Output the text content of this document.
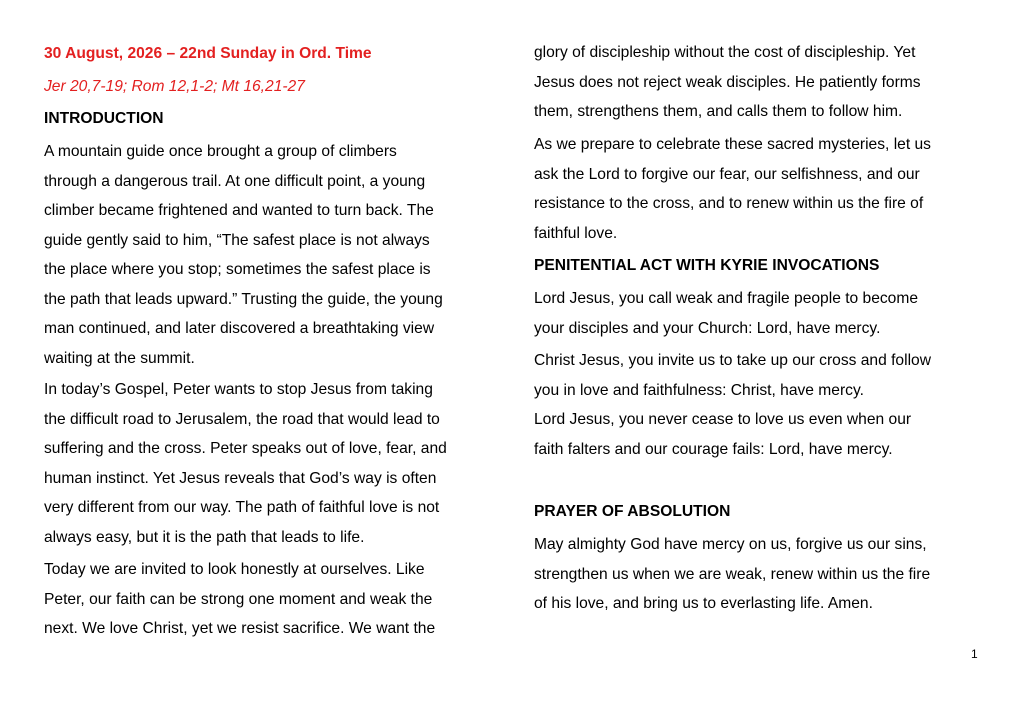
30 August, 2026 – 22nd Sunday in Ord. Time
Jer 20,7-19; Rom 12,1-2; Mt 16,21-27
INTRODUCTION
A mountain guide once brought a group of climbers
through a dangerous trail. At one difficult point, a young
climber became frightened and wanted to turn back. The
guide gently said to him, “The safest place is not always
the place where you stop; sometimes the safest place is
the path that leads upward.” Trusting the guide, the young
man continued, and later discovered a breathtaking view
waiting at the summit.
In today’s Gospel, Peter wants to stop Jesus from taking
the difficult road to Jerusalem, the road that would lead to
suffering and the cross. Peter speaks out of love, fear, and
human instinct. Yet Jesus reveals that God’s way is often
very different from our way. The path of faithful love is not
always easy, but it is the path that leads to life.
Today we are invited to look honestly at ourselves. Like
Peter, our faith can be strong one moment and weak the
next. We love Christ, yet we resist sacrifice. We want the
glory of discipleship without the cost of discipleship. Yet
Jesus does not reject weak disciples. He patiently forms
them, strengthens them, and calls them to follow him.
As we prepare to celebrate these sacred mysteries, let us
ask the Lord to forgive our fear, our selfishness, and our
resistance to the cross, and to renew within us the fire of
faithful love.
PENITENTIAL ACT WITH KYRIE INVOCATIONS
Lord Jesus, you call weak and fragile people to become
your disciples and your Church: Lord, have mercy.
Christ Jesus, you invite us to take up our cross and follow
you in love and faithfulness: Christ, have mercy.
Lord Jesus, you never cease to love us even when our
faith falters and our courage fails: Lord, have mercy.
PRAYER OF ABSOLUTION
May almighty God have mercy on us, forgive us our sins,
strengthen us when we are weak, renew within us the fire
of his love, and bring us to everlasting life. Amen.
1
